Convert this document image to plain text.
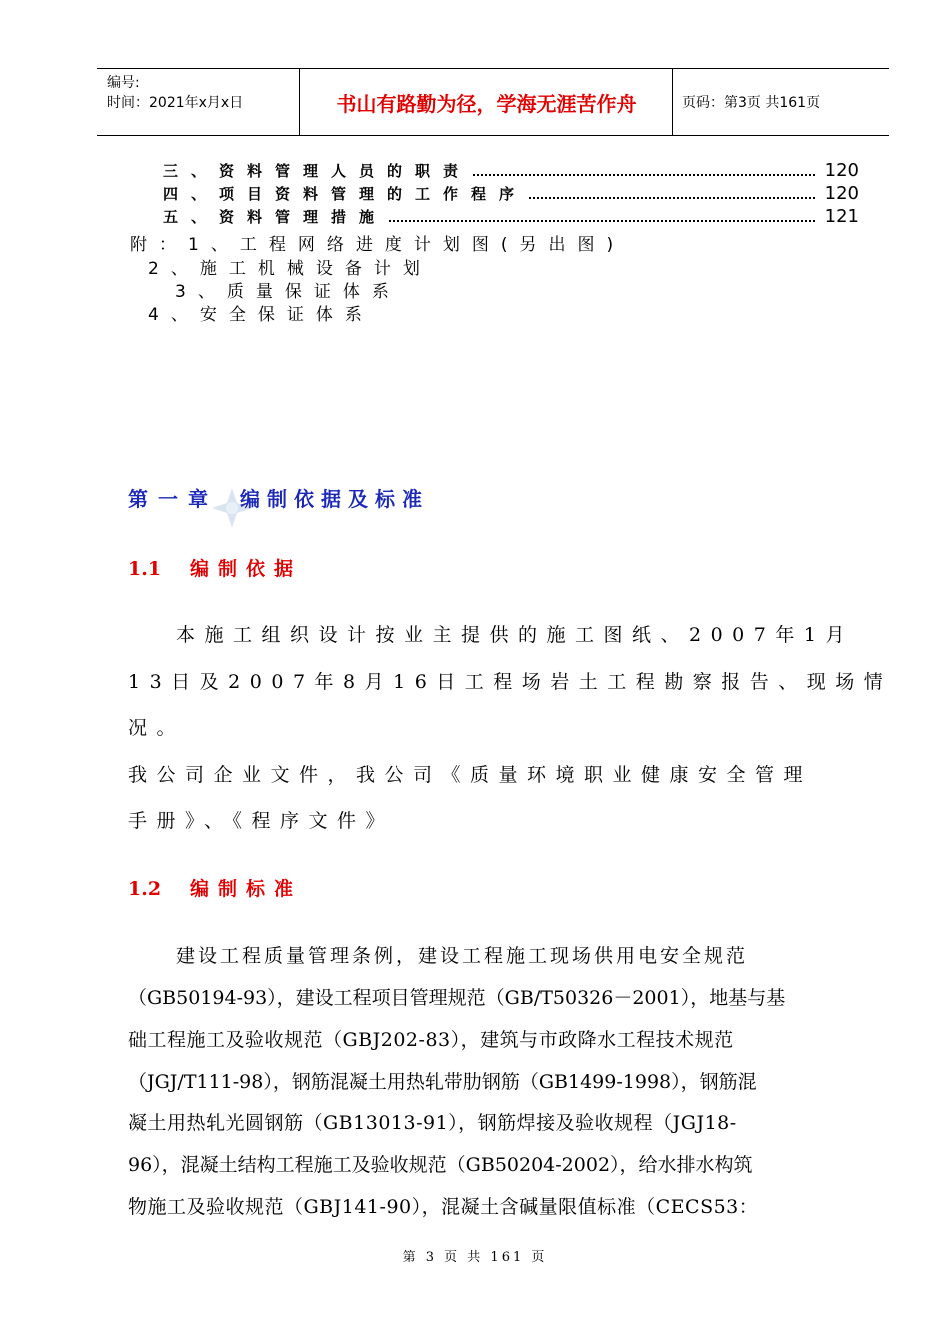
编号:
时间：2021年x月x日	书山有路勤为径，学海无涯苦作舟	页码：第3页 共161页
三、资料管理人员的职责	120
四、项目资料管理的工作程序	120
五、资料管理措施	121
附：1、工程网络进度计划图(另出图)
2、施工机械设备计划
3、质量保证体系
4、安全保证体系
第一章 编制依据及标准
1.1 编制依据
本施工组织设计按业主提供的施工图纸、2007年1月
13日及2007年8月16日工程场岩土工程勘察报告、现场情
况。
我公司企业文件，我公司《质量环境职业健康安全管理
手册》、《程序文件》
1.2 编制标准
建设工程质量管理条例，建设工程施工现场供用电安全规范
（GB50194-93），建设工程项目管理规范（GB/T50326－2001），地基与基
础工程施工及验收规范（GBJ202-83），建筑与市政降水工程技术规范
（JGJ/T111-98），钢筋混凝土用热轧带肋钢筋（GB1499-1998），钢筋混
凝土用热轧光圆钢筋（GB13013-91），钢筋焊接及验收规程（JGJ18-
96），混凝土结构工程施工及验收规范（GB50204-2002），给水排水构筑
物施工及验收规范（GBJ141-90），混凝土含碱量限值标准（CECS53：
第 3 页 共 161 页
